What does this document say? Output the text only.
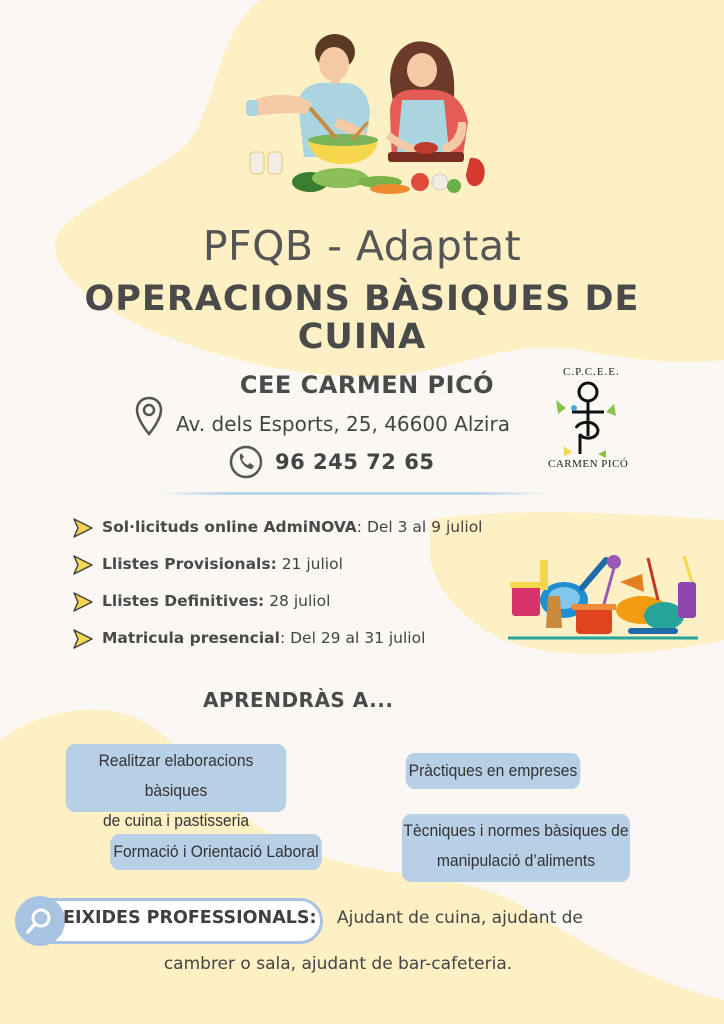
PFQB - Adaptat
OPERACIONS BÀSIQUES DE CUINA
CEE CARMEN PICÓ
Av. dels Esports, 25, 46600 Alzira
96 245 72 65
C.P.C.E.E.
CARMEN PICÓ
Sol·licituds online AdmiNOVA: Del 3 al 9 juliol
Llistes Provisionals: 21 juliol
Llistes Definitives: 28 juliol
Matricula presencial: Del 29 al 31 juliol
APRENDRÀS A...
Realitzar elaboracions bàsiques
de cuina i pastisseria
Pràctiques en empreses
Formació i Orientació Laboral
Tècniques i normes bàsiques de
manipulació d’aliments
EIXIDES PROFESSIONALS: Ajudant de cuina, ajudant de
cambrer o sala, ajudant de bar-cafeteria.
